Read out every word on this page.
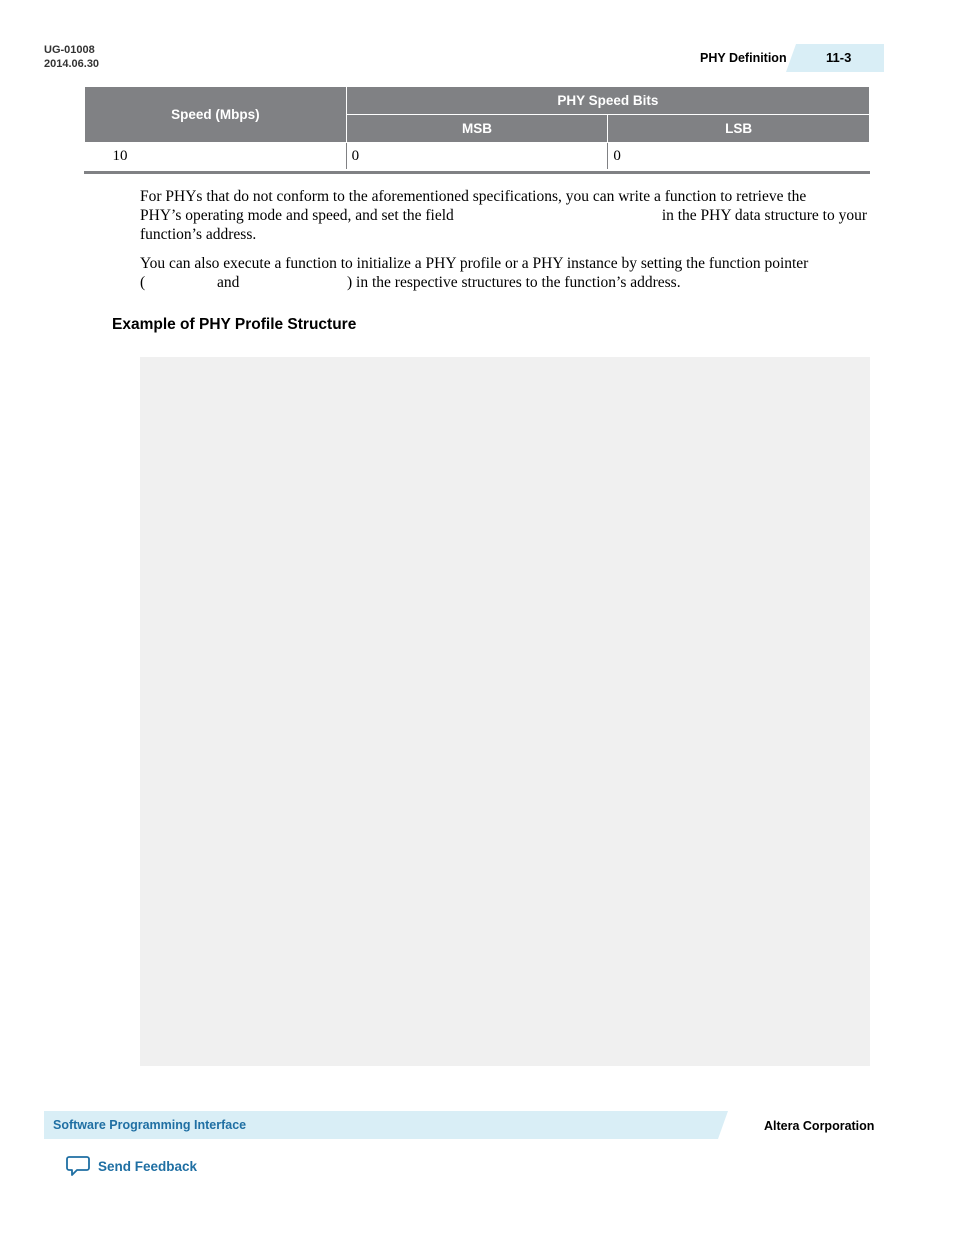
UG-01008
2014.06.30	PHY Definition	11-3
Speed (Mbps)	PHY Speed Bits	
	MSB	LSB
10	0	0
For PHYs that do not conform to the aforementioned specifications, you can write a function to retrieve the
PHY’s operating mode and speed, and set the field	in the PHY data structure to your
function’s address.
You can also execute a function to initialize a PHY profile or a PHY instance by setting the function pointer
(	and	) in the respective structures to the function’s address.
Example of PHY Profile Structure
Software Programming Interface	Altera Corporation
Send Feedback
